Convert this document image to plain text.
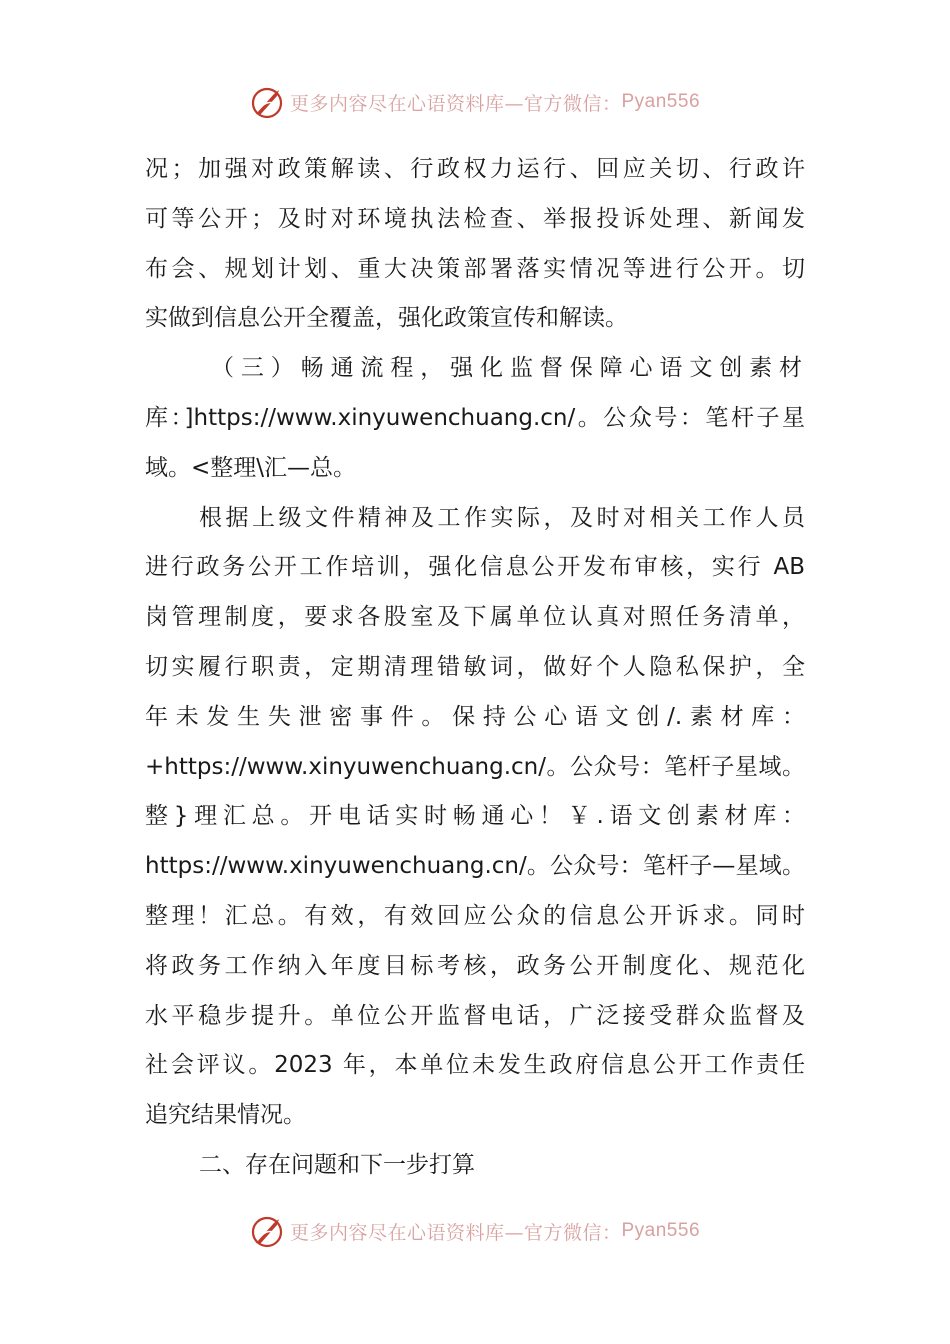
更多内容尽在心语资料库—官方微信： Pyan556
况；加强对政策解读、行政权力运行、回应关切、行政许
可等公开；及时对环境执法检查、举报投诉处理、新闻发
布会、规划计划、重大决策部署落实情况等进行公开。切
实做到信息公开全覆盖，强化政策宣传和解读。
（三）畅通流程，强化监督保障心语文创素材
库：]https://www.xinyuwenchuang.cn/。公众号：笔杆子星
域。<整理\汇—总。
根据上级文件精神及工作实际，及时对相关工作人员
进行政务公开工作培训，强化信息公开发布审核，实行 AB
岗管理制度，要求各股室及下属单位认真对照任务清单，
切实履行职责，定期清理错敏词，做好个人隐私保护，全
年未发生失泄密事件。保持公心语文创/.素材库：
+https://www.xinyuwenchuang.cn/。公众号：笔杆子星域。
整}理汇总。开电话实时畅通心！￥.语文创素材库：
https://www.xinyuwenchuang.cn/。公众号：笔杆子—星域。
整理！汇总。有效，有效回应公众的信息公开诉求。同时
将政务工作纳入年度目标考核，政务公开制度化、规范化
水平稳步提升。单位公开监督电话，广泛接受群众监督及
社会评议。2023 年，本单位未发生政府信息公开工作责任
追究结果情况。
二、存在问题和下一步打算
更多内容尽在心语资料库—官方微信： Pyan556
